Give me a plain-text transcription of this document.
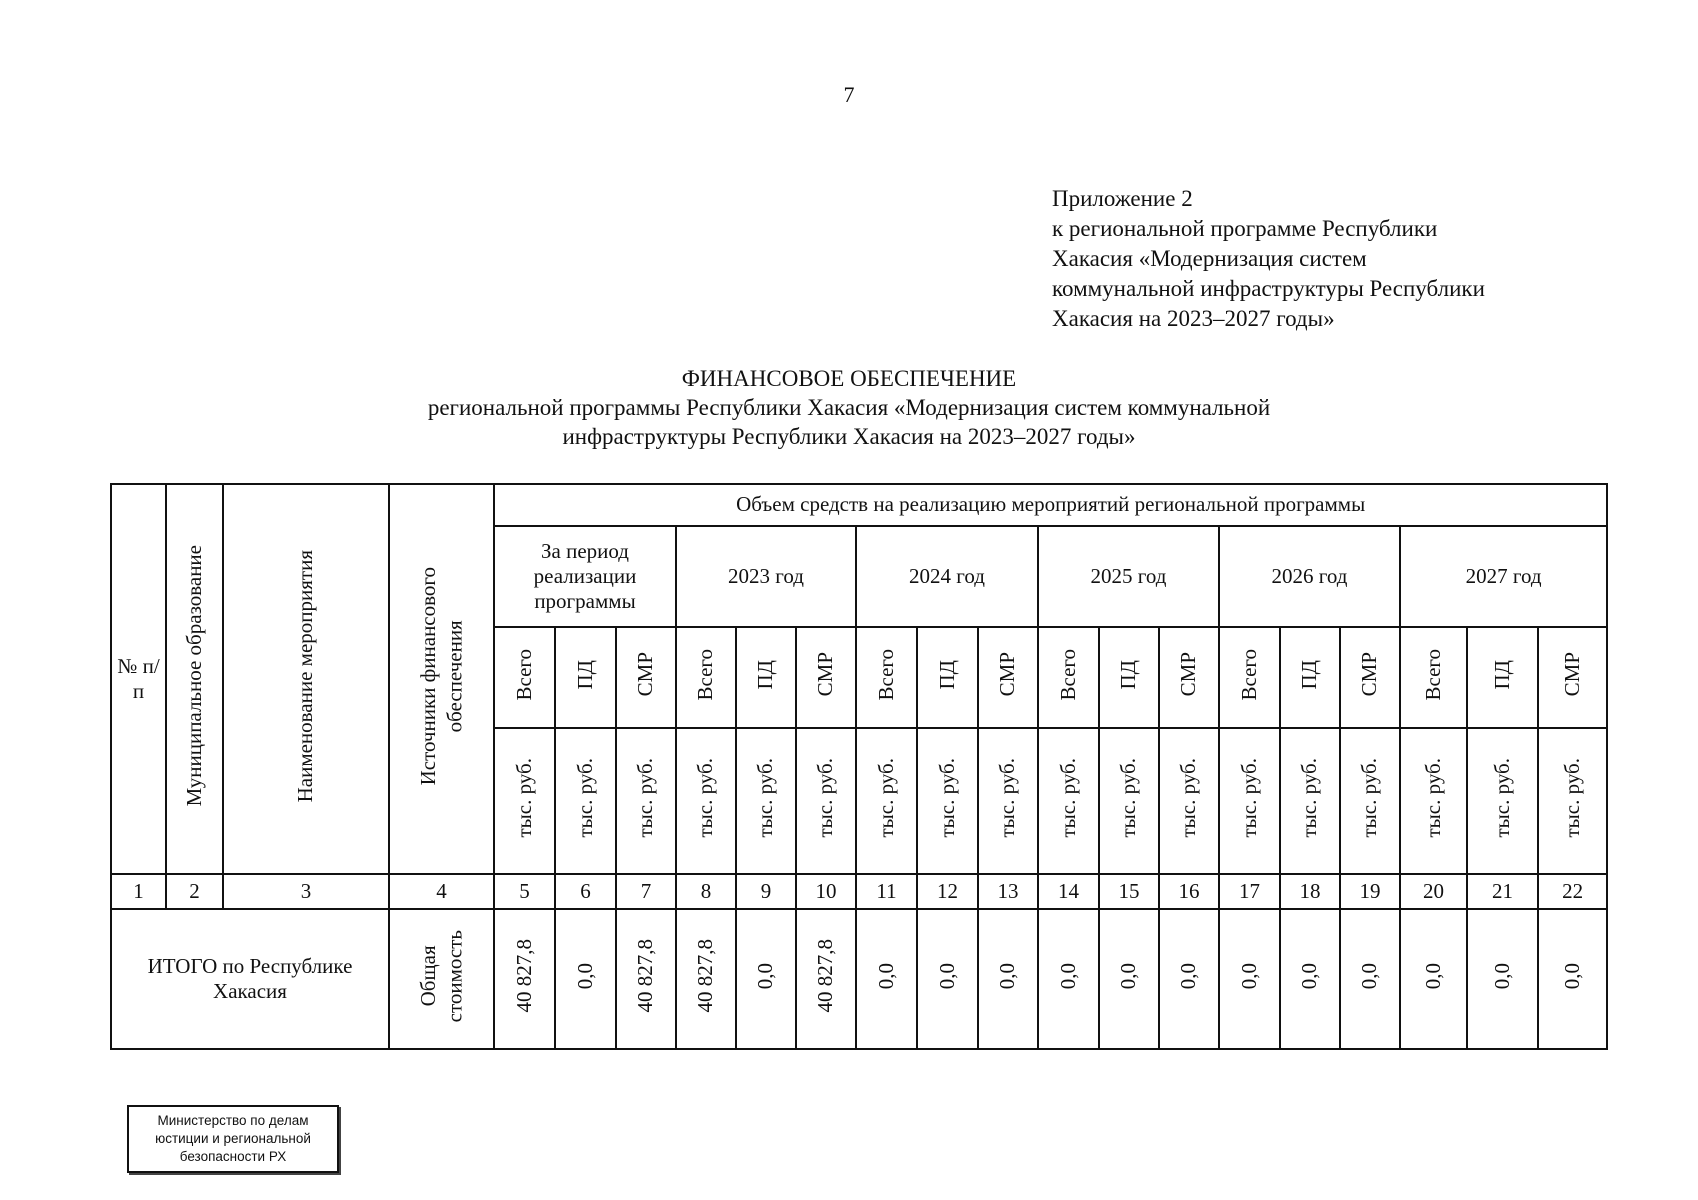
7
Приложение 2
к региональной программе Республики
Хакасия «Модернизация систем
коммунальной инфраструктуры Республики
Хакасия на 2023–2027 годы»
ФИНАНСОВОЕ ОБЕСПЕЧЕНИЕ
региональной программы Республики Хакасия «Модернизация систем коммунальной
инфраструктуры Республики Хакасия на 2023–2027 годы»
№ п/п	Муниципальное образование	Наименование мероприятия	Источники финансового обеспечения	Объем средств на реализацию мероприятий региональной программы																	
				За период реализации программы			2023 год			2024 год			2025 год			2026 год			2027 год		
				Всего	ПД	СМР	Всего	ПД	СМР	Всего	ПД	СМР	Всего	ПД	СМР	Всего	ПД	СМР	Всего	ПД	СМР
				тыс. руб.	тыс. руб.	тыс. руб.	тыс. руб.	тыс. руб.	тыс. руб.	тыс. руб.	тыс. руб.	тыс. руб.	тыс. руб.	тыс. руб.	тыс. руб.	тыс. руб.	тыс. руб.	тыс. руб.	тыс. руб.	тыс. руб.	тыс. руб.
1	2	3	4	5	6	7	8	9	10	11	12	13	14	15	16	17	18	19	20	21	22
ИТОГО по Республике Хакасия			Общая стоимость	40 827,8	0,0	40 827,8	40 827,8	0,0	40 827,8	0,0	0,0	0,0	0,0	0,0	0,0	0,0	0,0	0,0	0,0	0,0	0,0
Министерство по делам
юстиции и региональной
безопасности РХ
